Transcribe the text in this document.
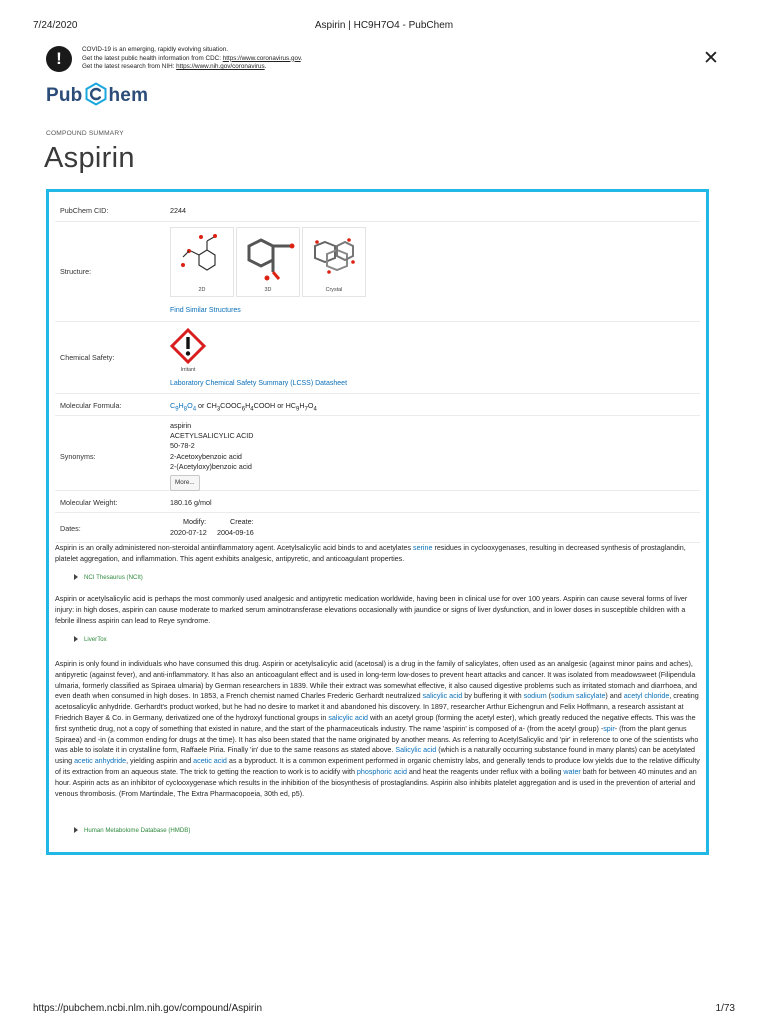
7/24/2020	Aspirin | HC9H7O4 - PubChem
!	COVID-19 is an emerging, rapidly evolving situation.
Get the latest public health information from CDC: https://www.coronavirus.gov.
Get the latest research from NIH: https://www.nih.gov/coronavirus.	✕
Pub hem
COMPOUND SUMMARY
Aspirin
PubChem CID:	2244
Structure:
2D	3D	Crystal
Find Similar Structures
Chemical Safety:
Irritant
Laboratory Chemical Safety Summary (LCSS) Datasheet
Molecular Formula:	$C_9H_8O_4$ or $CH_3COOC_6H_4COOH$ or $HC_9H_7O_4$
Synonyms:
aspirin
ACETYLSALICYLIC ACID
50-78-2
2-Acetoxybenzoic acid
2-(Acetyloxy)benzoic acid
More...
Molecular Weight:	180.16 g/mol
Dates:
Modify:
2020-07-12
Create:
2004-09-16

Aspirin is an orally administered non-steroidal antiinflammatory agent. Acetylsalicylic acid binds to and acetylates serine residues in cyclooxygenases, resulting in decreased synthesis of prostaglandin, platelet aggregation, and inflammation. This agent exhibits analgesic, antipyretic, and anticoagulant properties.

NCI Thesaurus (NCIt)

Aspirin or acetylsalicylic acid is perhaps the most commonly used analgesic and antipyretic medication worldwide, having been in clinical use for over 100 years. Aspirin can cause several forms of liver injury: in high doses, aspirin can cause moderate to marked serum aminotransferase elevations occasionally with jaundice or signs of liver dysfunction, and in lower doses in susceptible children with a febrile illness aspirin can lead to Reye syndrome.

LiverTox

Aspirin is only found in individuals who have consumed this drug. Aspirin or acetylsalicylic acid (acetosal) is a drug in the family of salicylates, often used as an analgesic (against minor pains and aches), antipyretic (against fever), and anti-inflammatory. It has also an anticoagulant effect and is used in long-term low-doses to prevent heart attacks and cancer. It was isolated from meadowsweet (Filipendula ulmaria, formerly classified as Spiraea ulmaria) by German researchers in 1839. While their extract was somewhat effective, it also caused digestive problems such as irritated stomach and diarrhoea, and even death when consumed in high doses. In 1853, a French chemist named Charles Frederic Gerhardt neutralized salicylic acid by buffering it with sodium (sodium salicylate) and acetyl chloride, creating acetosalicylic anhydride. Gerhardt's product worked, but he had no desire to market it and abandoned his discovery. In 1897, researcher Arthur Eichengrun and Felix Hoffmann, a research assistant at Friedrich Bayer & Co. in Germany, derivatized one of the hydroxyl functional groups in salicylic acid with an acetyl group (forming the acetyl ester), which greatly reduced the negative effects. This was the first synthetic drug, not a copy of something that existed in nature, and the start of the pharmaceuticals industry. The name 'aspirin' is composed of a- (from the acetyl group) -spir- (from the plant genus Spiraea) and -in (a common ending for drugs at the time). It has also been stated that the name originated by another means. As referring to AcetylSalicylic and 'pir' in reference to one of the scientists who was able to isolate it in crystalline form, Raffaele Piria. Finally 'in' due to the same reasons as stated above. Salicylic acid (which is a naturally occurring substance found in many plants) can be acetylated using acetic anhydride, yielding aspirin and acetic acid as a byproduct. It is a common experiment performed in organic chemistry labs, and generally tends to produce low yields due to the relative difficulty of its extraction from an aqueous state. The trick to getting the reaction to work is to acidify with phosphoric acid and heat the reagents under reflux with a boiling water bath for between 40 minutes and an hour. Aspirin acts as an inhibitor of cyclooxygenase which results in the inhibition of the biosynthesis of prostaglandins. Aspirin also inhibits platelet aggregation and is used in the prevention of arterial and venous thrombosis. (From Martindale, The Extra Pharmacopoeia, 30th ed, p5).

Human Metabolome Database (HMDB)
https://pubchem.ncbi.nlm.nih.gov/compound/Aspirin	1/73
